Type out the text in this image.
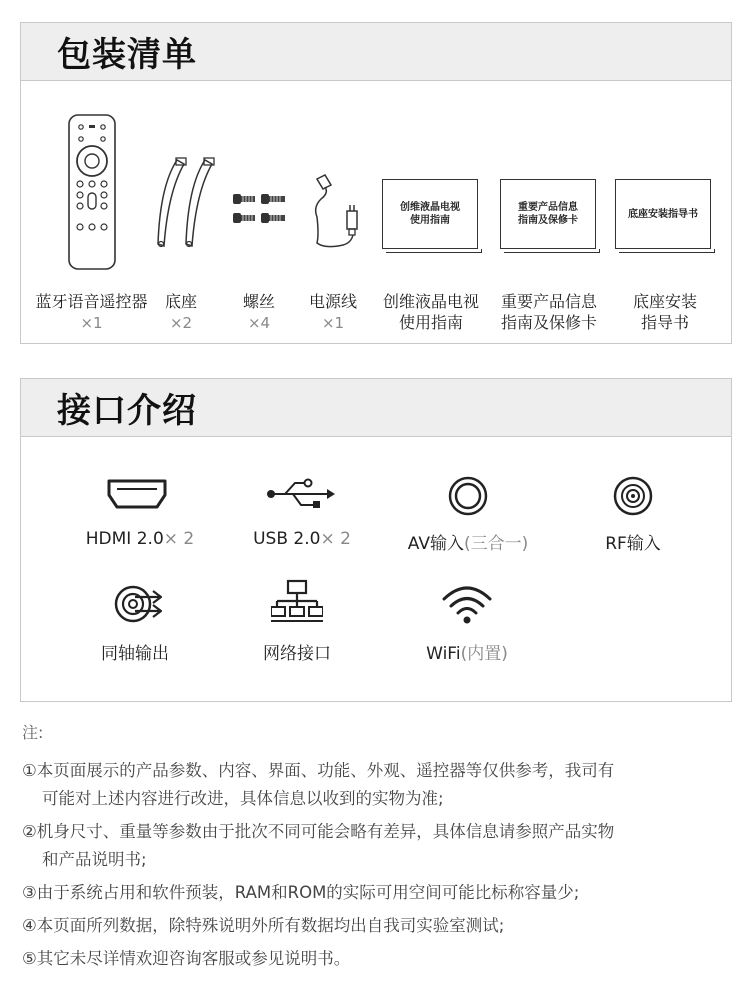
包装清单
蓝牙语音遥控器
×1
底座
×2
螺丝
×4
电源线
×1
创维液晶电视
使用指南
创维液晶电视
使用指南
重要产品信息
指南及保修卡
重要产品信息
指南及保修卡
底座安装指导书
底座安装
指导书
接口介绍
HDMI 2.0× 2	USB 2.0× 2	AV输入(三合一)	RF输入
同轴输出	网络接口	WiFi(内置)
注:
①本页面展示的产品参数、内容、界面、功能、外观、遥控器等仅供参考，我司有
可能对上述内容进行改进，具体信息以收到的实物为准;
②机身尺寸、重量等参数由于批次不同可能会略有差异，具体信息请参照产品实物
和产品说明书;
③由于系统占用和软件预装，RAM和ROM的实际可用空间可能比标称容量少;
④本页面所列数据，除特殊说明外所有数据均出自我司实验室测试;
⑤其它未尽详情欢迎咨询客服或参见说明书。
